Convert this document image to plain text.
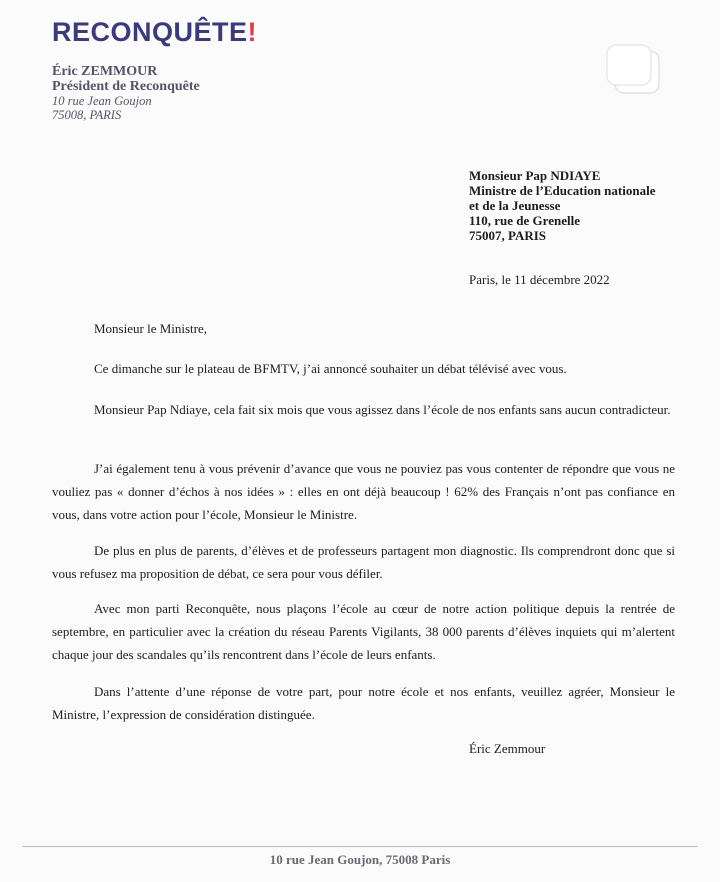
RECONQUÊTE!
Éric ZEMMOUR
Président de Reconquête
10 rue Jean Goujon
75008, PARIS
Monsieur Pap NDIAYE
Ministre de l’Education nationale
et de la Jeunesse
110, rue de Grenelle
75007, PARIS
Paris, le 11 décembre 2022
Monsieur le Ministre,

Ce dimanche sur le plateau de BFMTV, j’ai annoncé souhaiter un débat télévisé avec vous.

Monsieur Pap Ndiaye, cela fait six mois que vous agissez dans l’école de nos enfants sans aucun contradicteur.

J’ai également tenu à vous prévenir d’avance que vous ne pouviez pas vous contenter de répondre que vous ne vouliez pas « donner d’échos à nos idées » : elles en ont déjà beaucoup ! 62% des Français n’ont pas confiance en vous, dans votre action pour l’école, Monsieur le Ministre.

De plus en plus de parents, d’élèves et de professeurs partagent mon diagnostic. Ils comprendront donc que si vous refusez ma proposition de débat, ce sera pour vous défiler.

Avec mon parti Reconquête, nous plaçons l’école au cœur de notre action politique depuis la rentrée de septembre, en particulier avec la création du réseau Parents Vigilants, 38 000 parents d’élèves inquiets qui m’alertent chaque jour des scandales qu’ils rencontrent dans l’école de leurs enfants.

Dans l’attente d’une réponse de votre part, pour notre école et nos enfants, veuillez agréer, Monsieur le Ministre, l’expression de considération distinguée.

Éric Zemmour
10 rue Jean Goujon, 75008 Paris
